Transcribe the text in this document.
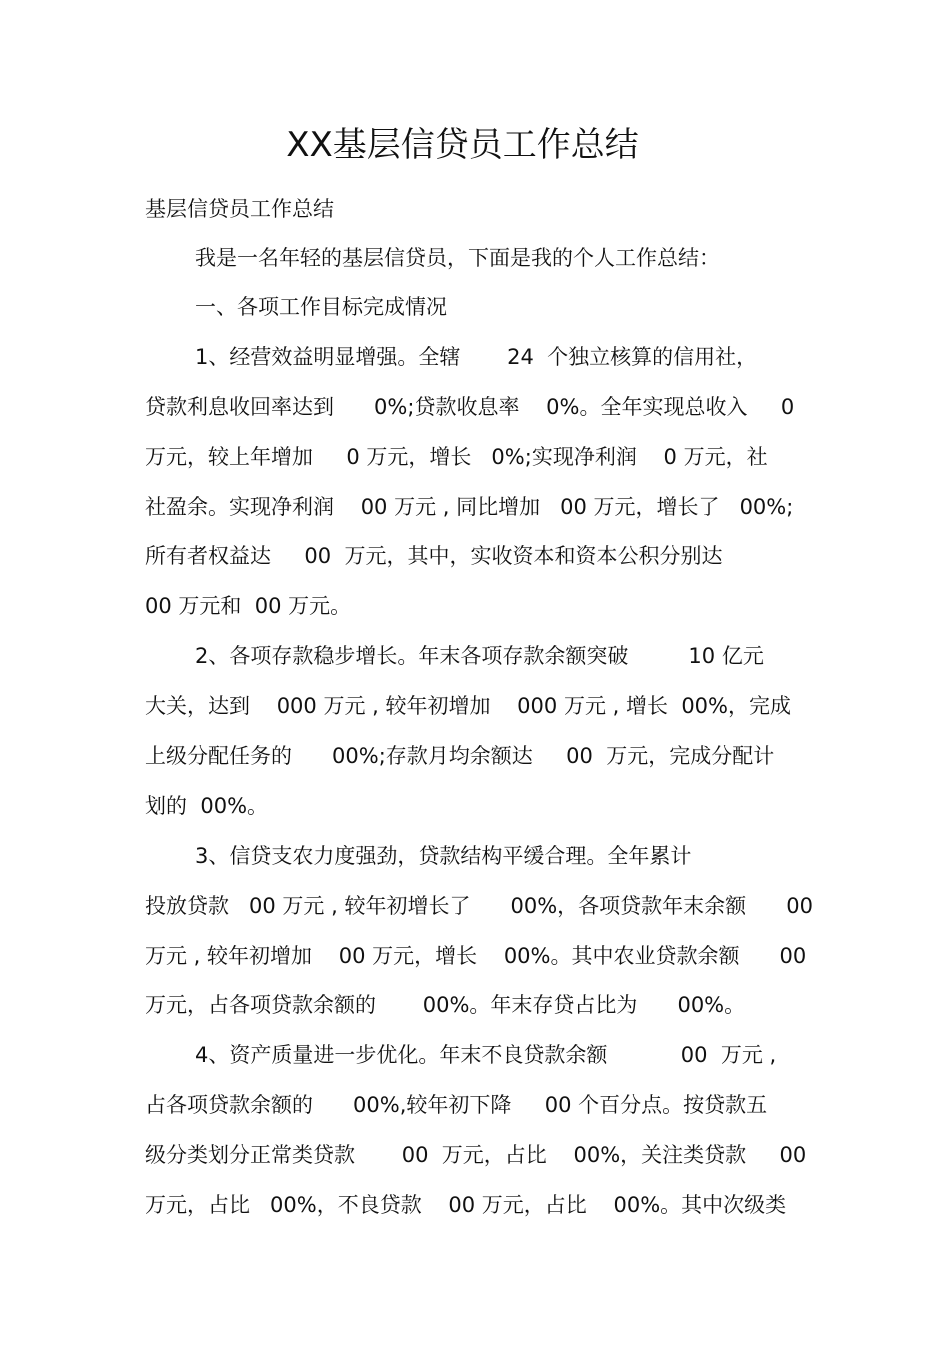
XX基层信贷员工作总结
基层信贷员工作总结
我是一名年轻的基层信贷员，下面是我的个人工作总结：
一、各项工作目标完成情况
1、经营效益明显增强。全辖       24  个独立核算的信用社，
贷款利息收回率达到      0%;贷款收息率    0%。全年实现总收入     0
万元，较上年增加     0 万元，增长   0%;实现净利润    0 万元，社
社盈余。实现净利润    00 万元 , 同比增加   00 万元，增长了   00%;
所有者权益达     00  万元，其中，实收资本和资本公积分别达
00 万元和  00 万元。
2、各项存款稳步增长。年末各项存款余额突破         10 亿元
大关，达到    000 万元 , 较年初增加    000 万元 , 增长  00%，完成
上级分配任务的      00%;存款月均余额达     00  万元，完成分配计
划的  00%。
3、信贷支农力度强劲，贷款结构平缓合理。全年累计
投放贷款   00 万元 , 较年初增长了      00%，各项贷款年末余额      00
万元 , 较年初增加    00 万元，增长    00%。其中农业贷款余额      00
万元，占各项贷款余额的       00%。年末存贷占比为      00%。
4、资产质量进一步优化。年末不良贷款余额           00  万元 ,
占各项贷款余额的      00%,较年初下降     00 个百分点。按贷款五
级分类划分正常类贷款       00  万元，占比    00%，关注类贷款     00
万元，占比   00%，不良贷款    00 万元，占比    00%。其中次级类
